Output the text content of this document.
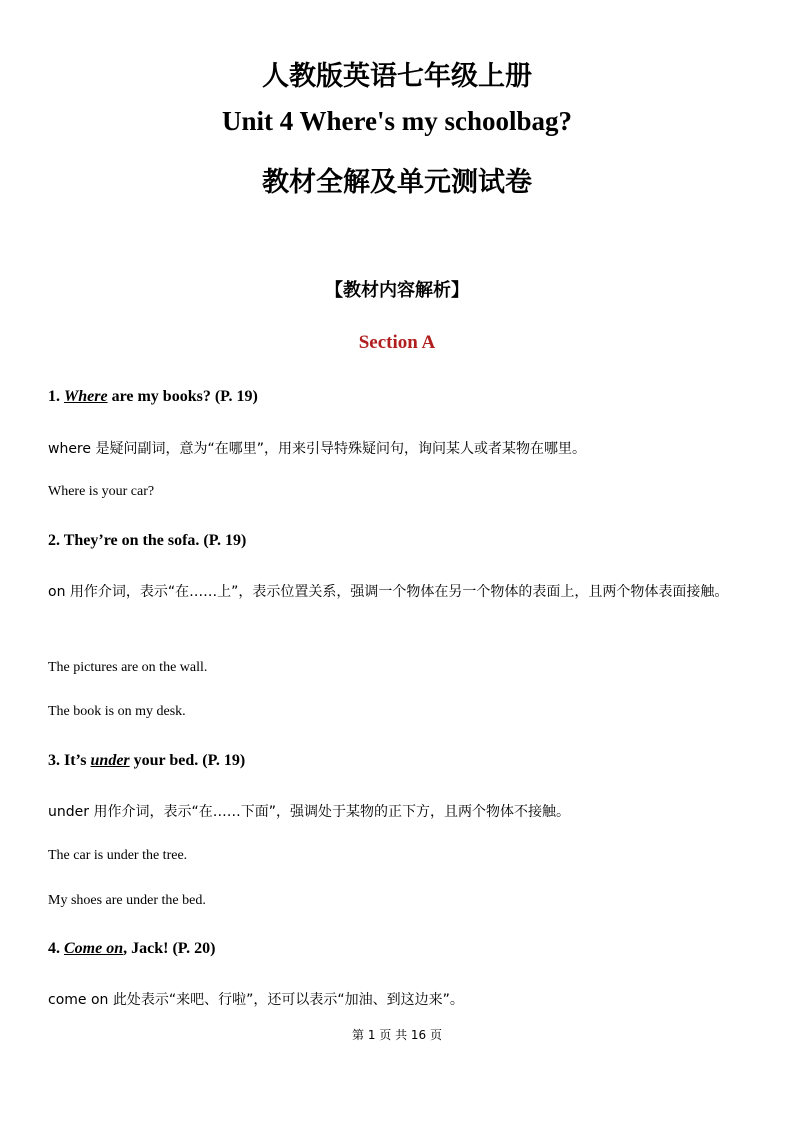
人教版英语七年级上册
Unit 4 Where's my schoolbag?
教材全解及单元测试卷
【教材内容解析】
Section A
1. Where are my books? (P. 19)
where 是疑问副词，意为“在哪里”，用来引导特殊疑问句，询问某人或者某物在哪里。
Where is your car?
2. They’re on the sofa. (P. 19)
on 用作介词，表示“在……上”，表示位置关系，强调一个物体在另一个物体的表面上，且两个物体表面接触。
The pictures are on the wall.
The book is on my desk.
3. It’s under your bed. (P. 19)
under 用作介词，表示“在……下面”，强调处于某物的正下方，且两个物体不接触。
The car is under the tree.
My shoes are under the bed.
4. Come on, Jack! (P. 20)
come on 此处表示“来吧、行啦”，还可以表示“加油、到这边来”。
第 1 页 共 16 页
